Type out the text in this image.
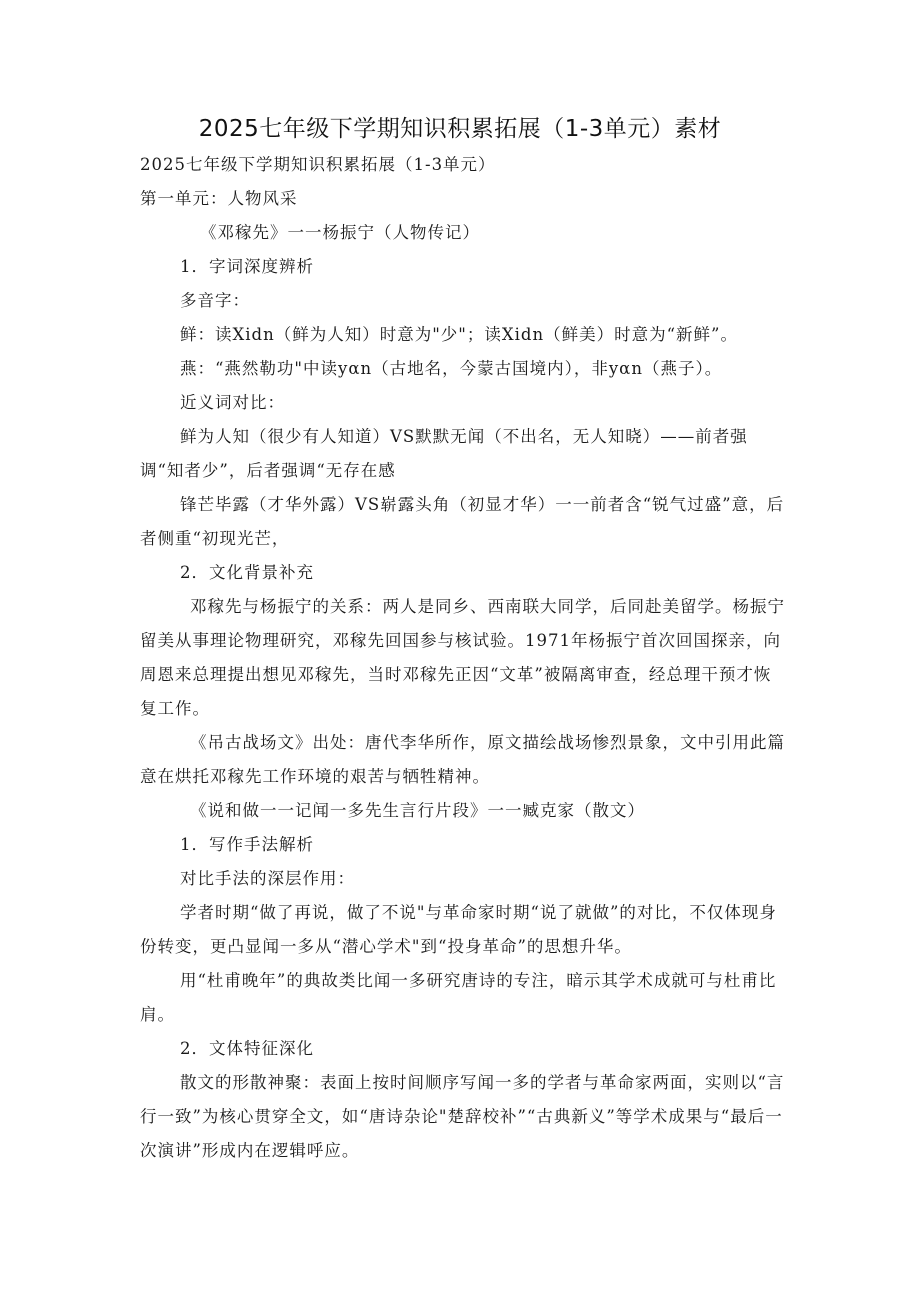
2025七年级下学期知识积累拓展（1-3单元）素材

2025七年级下学期知识积累拓展（1-3单元）

第一单元：人物风采

《邓稼先》一一杨振宁（人物传记）

1．字词深度辨析

多音字：

鲜：读Xidn（鲜为人知）时意为"少"；读Xidn（鲜美）时意为“新鲜”。

燕：“燕然勒功"中读yαn（古地名，今蒙古国境内），非yαn（燕子）。

近义词对比：

鲜为人知（很少有人知道）VS默默无闻（不出名，无人知晓）——前者强调“知者少”，后者强调“无存在感

锋芒毕露（才华外露）VS崭露头角（初显才华）一一前者含“锐气过盛”意，后者侧重“初现光芒，

2．文化背景补充

邓稼先与杨振宁的关系：两人是同乡、西南联大同学，后同赴美留学。杨振宁留美从事理论物理研究，邓稼先回国参与核试验。1971年杨振宁首次回国探亲，向周恩来总理提出想见邓稼先，当时邓稼先正因“文革”被隔离审查，经总理干预才恢复工作。

《吊古战场文》出处：唐代李华所作，原文描绘战场惨烈景象，文中引用此篇意在烘托邓稼先工作环境的艰苦与牺牲精神。

《说和做一一记闻一多先生言行片段》一一臧克家（散文）

1．写作手法解析

对比手法的深层作用：

学者时期“做了再说，做了不说"与革命家时期“说了就做”的对比，不仅体现身份转变，更凸显闻一多从“潜心学术"到“投身革命”的思想升华。

用“杜甫晚年”的典故类比闻一多研究唐诗的专注，暗示其学术成就可与杜甫比肩。

2．文体特征深化

散文的形散神聚：表面上按时间顺序写闻一多的学者与革命家两面，实则以“言行一致”为核心贯穿全文，如“唐诗杂论"楚辞校补”“古典新义”等学术成果与“最后一次演讲”形成内在逻辑呼应。
